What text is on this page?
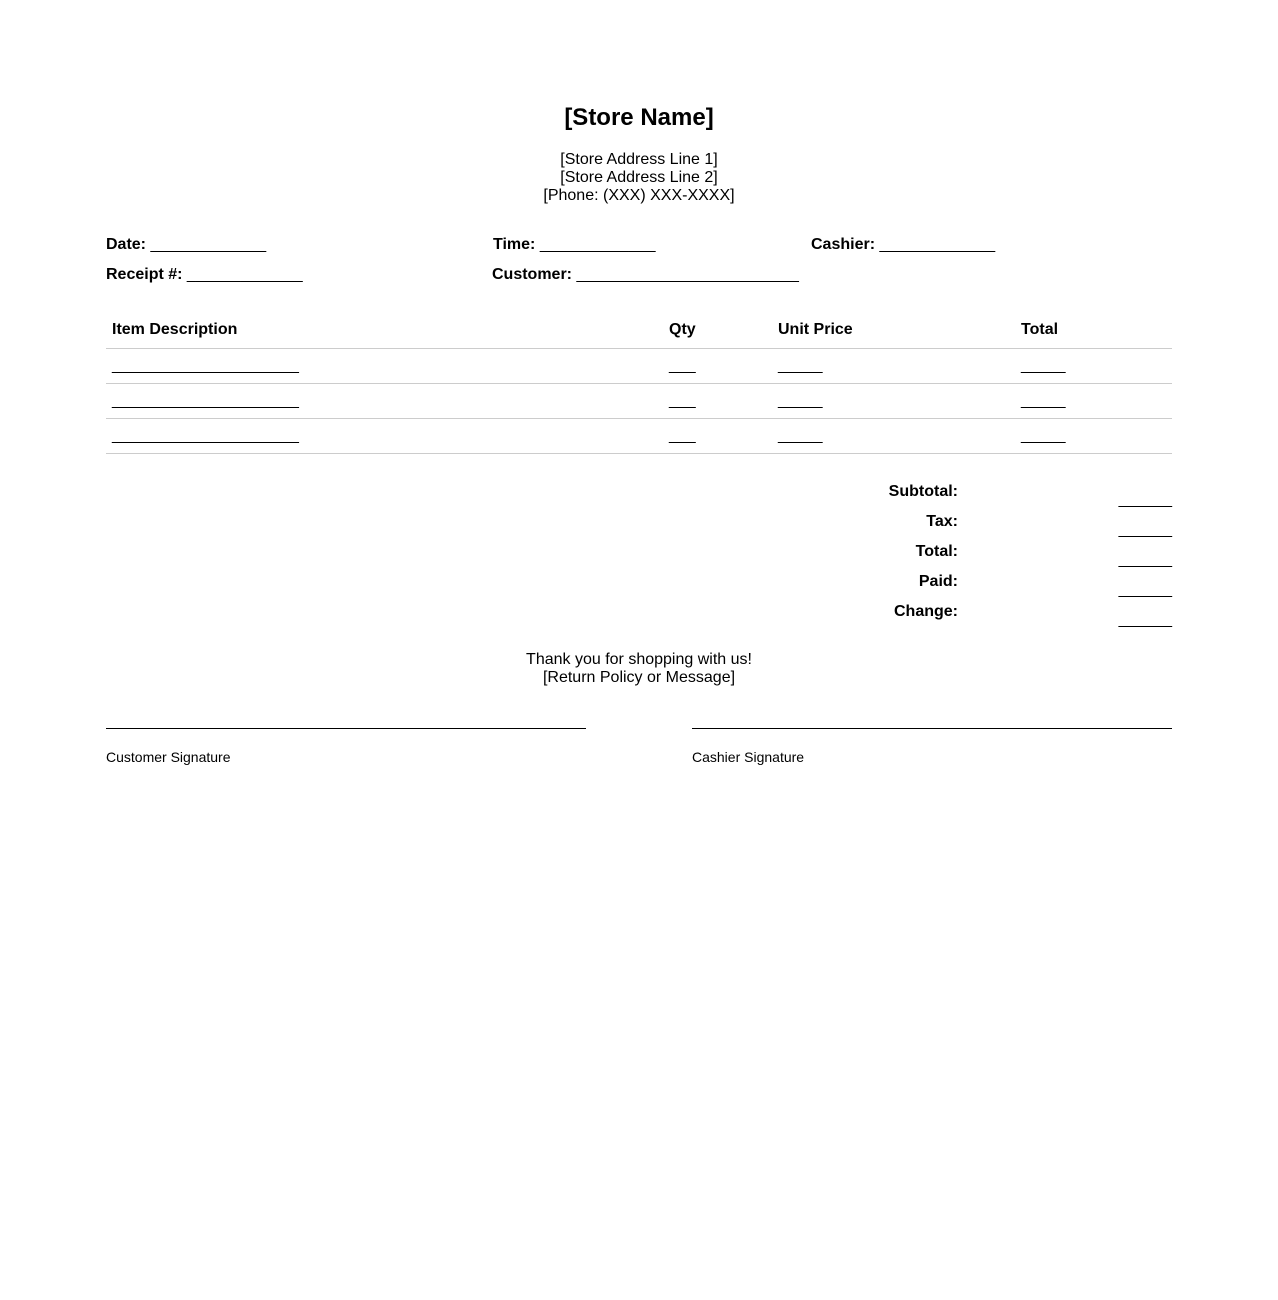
[Store Name]
[Store Address Line 1]
[Store Address Line 2]
[Phone: (XXX) XXX-XXXX]
Date: _____________	Time: _____________	Cashier: _____________
Receipt #: _____________	Customer: _________________________
Item Description	Qty	Unit Price	Total
_____________________	___	_____	_____
_____________________	___	_____	_____
_____________________	___	_____	_____
Subtotal:	______
Tax:	______
Total:	______
Paid:	______
Change:	______
Thank you for shopping with us!
[Return Policy or Message]
Customer Signature	Cashier Signature
